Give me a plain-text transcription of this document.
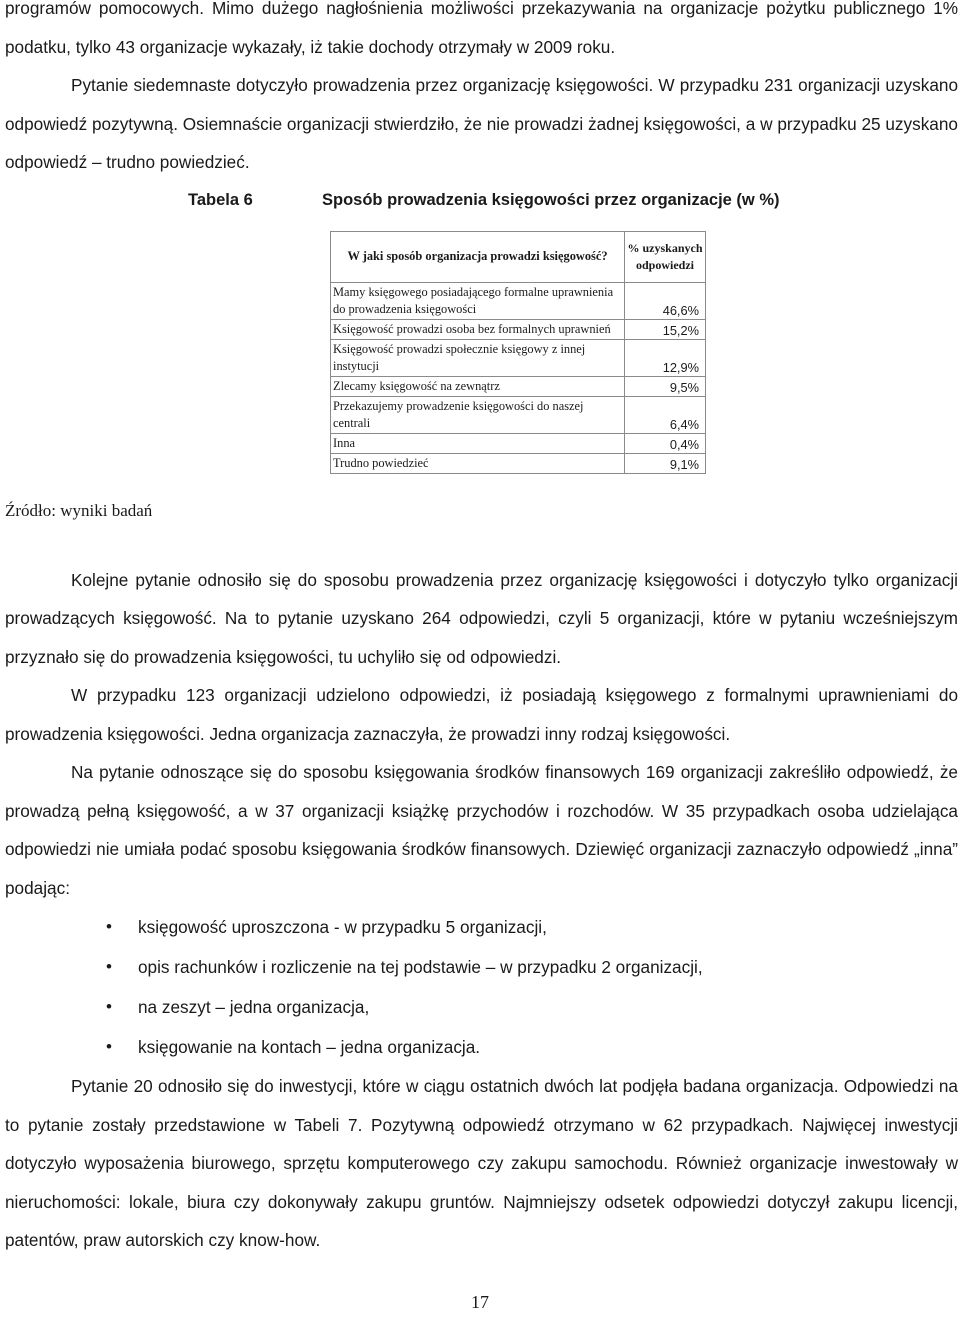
programów pomocowych. Mimo dużego nagłośnienia możliwości przekazywania na organizacje pożytku publicznego 1% podatku, tylko 43 organizacje wykazały, iż takie dochody otrzymały w 2009 roku.

Pytanie siedemnaste dotyczyło prowadzenia przez organizację księgowości. W przypadku 231 organizacji uzyskano odpowiedź pozytywną. Osiemnaście organizacji stwierdziło, że nie prowadzi żadnej księgowości, a w przypadku 25 uzyskano odpowiedź – trudno powiedzieć.

Tabela 6	Sposób prowadzenia księgowości przez organizacje (w %)
W jaki sposób organizacja prowadzi księgowość?	% uzyskanych odpowiedzi
Mamy księgowego posiadającego formalne uprawnienia do prowadzenia księgowości	46,6%
Księgowość prowadzi osoba bez formalnych uprawnień	15,2%
Księgowość prowadzi społecznie księgowy z innej instytucji	12,9%
Zlecamy księgowość na zewnątrz	9,5%
Przekazujemy prowadzenie księgowości do naszej centrali	6,4%
Inna	0,4%
Trudno powiedzieć	9,1%
Źródło: wyniki badań

Kolejne pytanie odnosiło się do sposobu prowadzenia przez organizację księgowości i dotyczyło tylko organizacji prowadzących księgowość. Na to pytanie uzyskano 264 odpowiedzi, czyli 5 organizacji, które w pytaniu wcześniejszym przyznało się do prowadzenia księgowości, tu uchyliło się od odpowiedzi.

W przypadku 123 organizacji udzielono odpowiedzi, iż posiadają księgowego z formalnymi uprawnieniami do prowadzenia księgowości. Jedna organizacja zaznaczyła, że prowadzi inny rodzaj księgowości.

Na pytanie odnoszące się do sposobu księgowania środków finansowych 169 organizacji zakreśliło odpowiedź, że prowadzą pełną księgowość, a w 37 organizacji książkę przychodów i rozchodów. W 35 przypadkach osoba udzielająca odpowiedzi nie umiała podać sposobu księgowania środków finansowych. Dziewięć organizacji zaznaczyło odpowiedź „inna” podając:

• księgowość uproszczona - w przypadku 5 organizacji,
• opis rachunków i rozliczenie na tej podstawie – w przypadku 2 organizacji,
• na zeszyt – jedna organizacja,
• księgowanie na kontach – jedna organizacja.

Pytanie 20 odnosiło się do inwestycji, które w ciągu ostatnich dwóch lat podjęła badana organizacja. Odpowiedzi na to pytanie zostały przedstawione w Tabeli 7. Pozytywną odpowiedź otrzymano w 62 przypadkach. Najwięcej inwestycji dotyczyło wyposażenia biurowego, sprzętu komputerowego czy zakupu samochodu. Również organizacje inwestowały w nieruchomości: lokale, biura czy dokonywały zakupu gruntów. Najmniejszy odsetek odpowiedzi dotyczył zakupu licencji, patentów, praw autorskich czy know-how.

17
